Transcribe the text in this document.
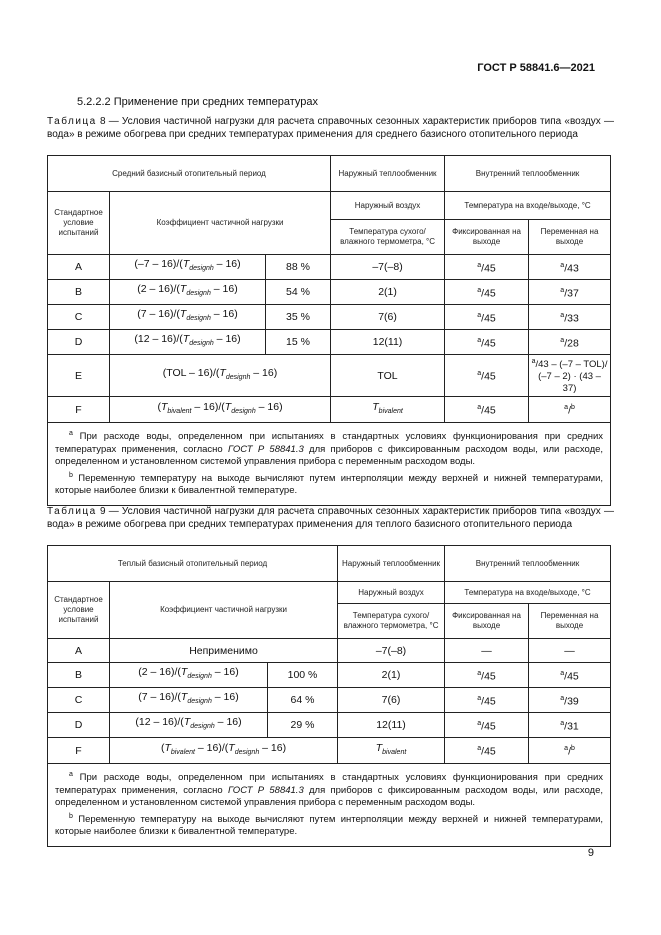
ГОСТ Р 58841.6—2021
5.2.2.2 Применение при средних температурах
Таблица 8 — Условия частичной нагрузки для расчета справочных сезонных характеристик приборов типа «воздух — вода» в режиме обогрева при средних температурах применения для среднего базисного отопительного периода
Средний базисный отопительный период			Наружный теплообменник	Внутренний теплообменник	
Стандартное условие испытаний	Коэффициент частичной нагрузки		Наружный воздух	Температура на входе/выходе, °С	
			Температура сухого/ влажного термометра, °С	Фиксированная на выходе	Переменная на выходе
A	$(-7 - 16)/(T_{designh} - 16)$	88 %	–7(–8)	$^a$/45	$^a$/43
B	$(2 - 16)/(T_{designh} - 16)$	54 %	2(1)	$^a$/45	$^a$/37
C	$(7 - 16)/(T_{designh} - 16)$	35 %	7(6)	$^a$/45	$^a$/33
D	$(12 - 16)/(T_{designh} - 16)$	15 %	12(11)	$^a$/45	$^a$/28
E	$(TOL - 16)/(T_{designh} - 16)$		TOL	$^a$/45	$^a$/43 – (–7 – TOL)/
(–7 – 2) · (43 – 37)

F	$(T_{bivalent} - 16)/(T_{designh} - 16)$		$T_{bivalent}$	$^a$/45	$^a$/$^b$

$^a$ При расходе воды, определенном при испытаниях в стандартных условиях функционирования при средних температурах применения, согласно ГОСТ Р 58841.3 для приборов с фиксированным расходом воды, или расходе, определенном и установленном системой управления прибора с переменным расходом воды.
$^b$ Переменную температуру на выходе вычисляют путем интерполяции между верхней и нижней температурами, которые наиболее близки к бивалентной температуре.					
Таблица 9 — Условия частичной нагрузки для расчета справочных сезонных характеристик приборов типа «воздух — вода» в режиме обогрева при средних температурах применения для теплого базисного отопительного периода
Теплый базисный отопительный период			Наружный теплообменник	Внутренний теплообменник	
Стандартное условие испытаний	Коэффициент частичной нагрузки		Наружный воздух	Температура на входе/выходе, °С	
			Температура сухого/ влажного термометра, °С	Фиксированная на выходе	Переменная на выходе
A	Неприменимо		–7(–8)	—	—
B	$(2 - 16)/(T_{designh} - 16)$	100 %	2(1)	$^a$/45	$^a$/45
C	$(7 - 16)/(T_{designh} - 16)$	64 %	7(6)	$^a$/45	$^a$/39
D	$(12 - 16)/(T_{designh} - 16)$	29 %	12(11)	$^a$/45	$^a$/31
F	$(T_{bivalent} - 16)/(T_{designh} - 16)$		$T_{bivalent}$	$^a$/45	$^a$/$^b$

$^a$ При расходе воды, определенном при испытаниях в стандартных условиях функционирования при средних температурах применения, согласно ГОСТ Р 58841.3 для приборов с фиксированным расходом воды, или расходе, определенном и установленном системой управления прибора с переменным расходом воды.
$^b$ Переменную температуру на выходе вычисляют путем интерполяции между верхней и нижней температурами, которые наиболее близки к бивалентной температуре.					
9
